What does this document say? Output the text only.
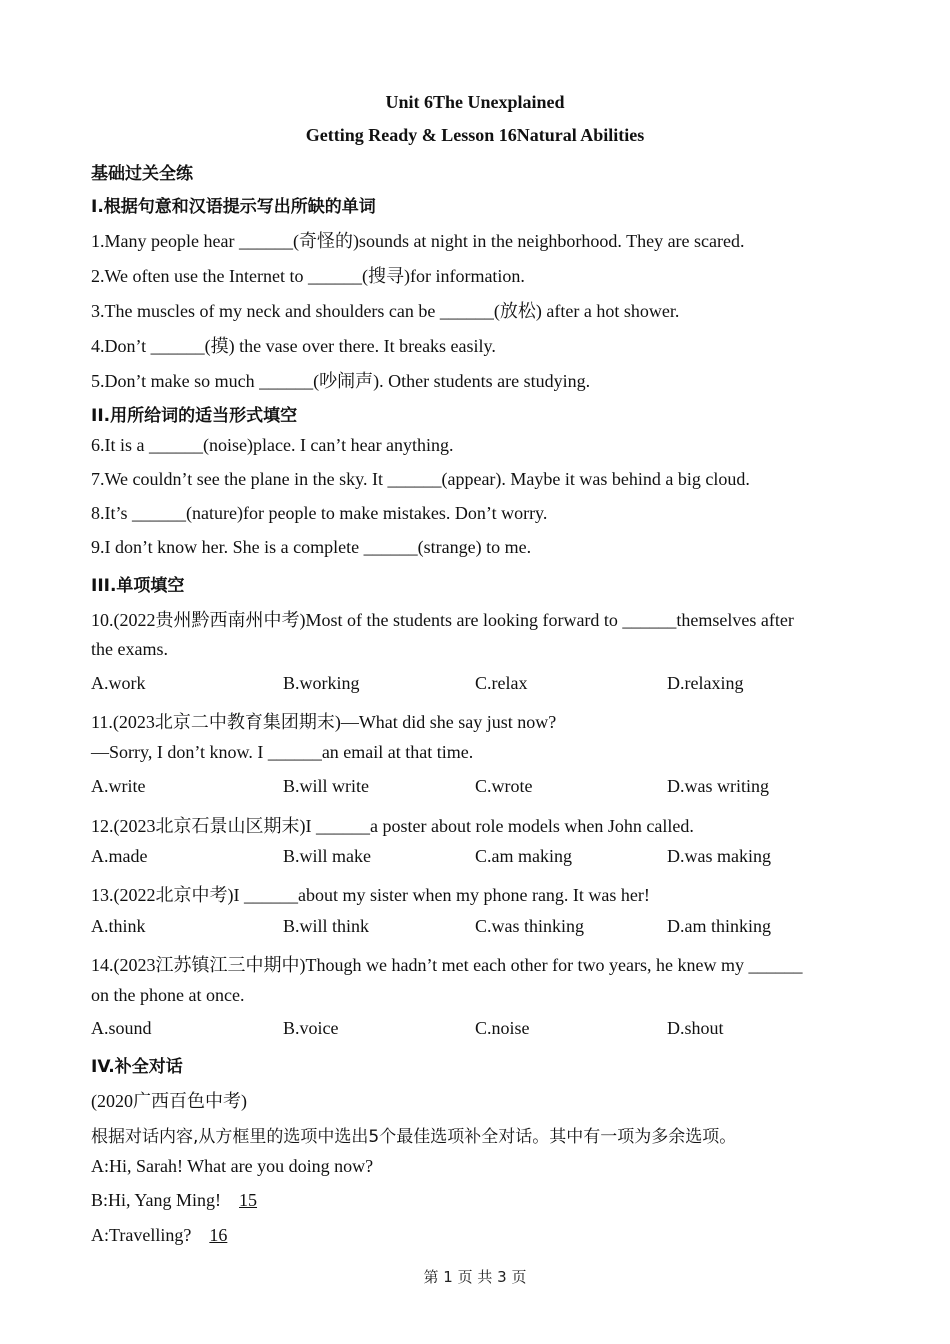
Unit 6The Unexplained
Getting Ready & Lesson 16Natural Abilities
基础过关全练
I.根据句意和汉语提示写出所缺的单词
1.Many people hear ______(奇怪的)sounds at night in the neighborhood. They are scared.
2.We often use the Internet to ______(搜寻)for information.
3.The muscles of my neck and shoulders can be ______(放松) after a hot shower.
4.Don’t ______(摸) the vase over there. It breaks easily.
5.Don’t make so much ______(吵闹声). Other students are studying.
II.用所给词的适当形式填空
6.It is a ______(noise)place. I can’t hear anything.
7.We couldn’t see the plane in the sky. It ______(appear). Maybe it was behind a big cloud.
8.It’s ______(nature)for people to make mistakes. Don’t worry.
9.I don’t know her. She is a complete ______(strange) to me.
III.单项填空
10.(2022贵州黔西南州中考)Most of the students are looking forward to ______themselves after
the exams.
A.work	B.working	C.relax	D.relaxing
11.(2023北京二中教育集团期末)—What did she say just now?
—Sorry, I don’t know. I ______an email at that time.
A.write	B.will write	C.wrote	D.was writing
12.(2023北京石景山区期末)I ______a poster about role models when John called.
A.made	B.will make	C.am making	D.was making
13.(2022北京中考)I ______about my sister when my phone rang. It was her!
A.think	B.will think	C.was thinking	D.am thinking
14.(2023江苏镇江三中期中)Though we hadn’t met each other for two years, he knew my ______
on the phone at once.
A.sound	B.voice	C.noise	D.shout
IV.补全对话
(2020广西百色中考)
根据对话内容,从方框里的选项中选出5个最佳选项补全对话。其中有一项为多余选项。
A:Hi, Sarah! What are you doing now?
B:Hi, Yang Ming! 15
A:Travelling? 16
第 1 页 共 3 页
